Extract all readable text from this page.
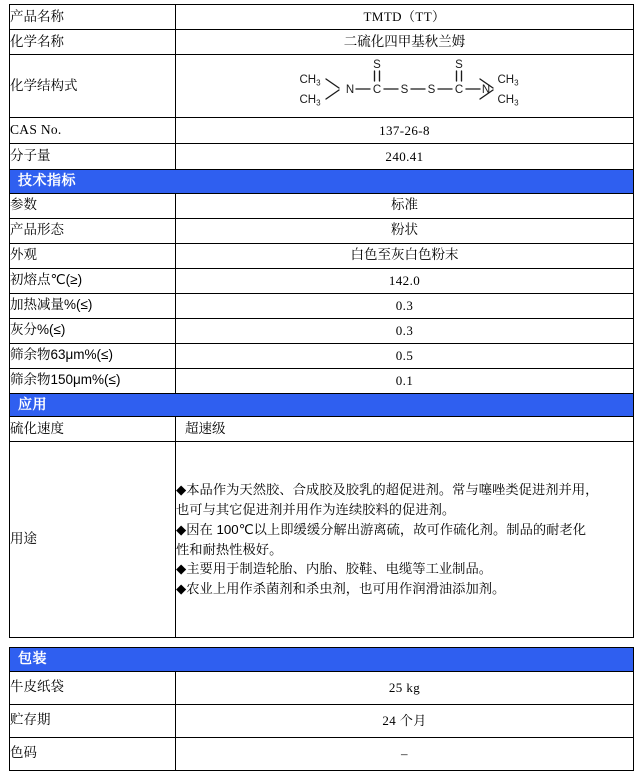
产品名称	TMTD（TT）
化学名称	二硫化四甲基秋兰姆
化学结构式	$CH_3$
$CH_3$
N C S S C N
S	S
$CH_3$
$CH_3$

CAS No.	137-26-8
分子量	240.41

技术指标	

参数	标准
产品形态	粉状
外观	白色至灰白色粉末
初熔点℃(≥)	142.0
加热减量%(≤)	0.3
灰分%(≤)	0.3
筛余物63μm%(≤)	0.5
筛余物150μm%(≤)	0.1

应用	

硫化速度	超速级
用途	
◆本品作为天然胶、合成胶及胶乳的超促进剂。常与噻唑类促进剂并用，
也可与其它促进剂并用作为连续胶料的促进剂。
◆因在 100℃以上即缓缓分解出游离硫，故可作硫化剂。制品的耐老化
性和耐热性极好。
◆主要用于制造轮胎、内胎、胶鞋、电缆等工业制品。
◆农业上用作杀菌剂和杀虫剂，也可用作润滑油添加剂。

包装	

牛皮纸袋	25 kg
贮存期	24 个月
色码	–
